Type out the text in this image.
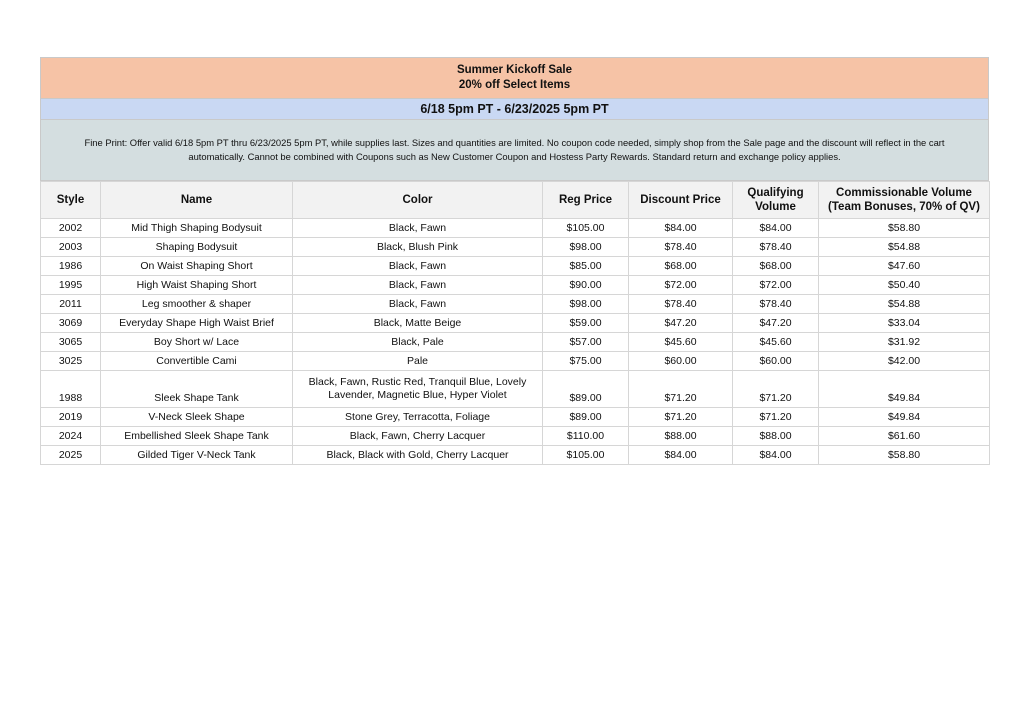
Summer Kickoff Sale
20% off Select Items
6/18 5pm PT - 6/23/2025 5pm PT
Fine Print: Offer valid 6/18 5pm PT thru 6/23/2025 5pm PT, while supplies last. Sizes and quantities are limited. No coupon code needed, simply shop from the Sale page and the discount will reflect in the cart automatically. Cannot be combined with Coupons such as New Customer Coupon and Hostess Party Rewards. Standard return and exchange policy applies.
Style	Name	Color	Reg Price	Discount Price	Qualifying Volume	Commissionable Volume (Team Bonuses, 70% of QV)
2002	Mid Thigh Shaping Bodysuit	Black, Fawn	$105.00	$84.00	$84.00	$58.80
2003	Shaping Bodysuit	Black, Blush Pink	$98.00	$78.40	$78.40	$54.88
1986	On Waist Shaping Short	Black, Fawn	$85.00	$68.00	$68.00	$47.60
1995	High Waist Shaping Short	Black, Fawn	$90.00	$72.00	$72.00	$50.40
2011	Leg smoother & shaper	Black, Fawn	$98.00	$78.40	$78.40	$54.88
3069	Everyday Shape High Waist Brief	Black, Matte Beige	$59.00	$47.20	$47.20	$33.04
3065	Boy Short w/ Lace	Black, Pale	$57.00	$45.60	$45.60	$31.92
3025	Convertible Cami	Pale	$75.00	$60.00	$60.00	$42.00
1988	Sleek Shape Tank	Black, Fawn, Rustic Red, Tranquil Blue, Lovely Lavender, Magnetic Blue, Hyper Violet	$89.00	$71.20	$71.20	$49.84
2019	V-Neck Sleek Shape	Stone Grey, Terracotta, Foliage	$89.00	$71.20	$71.20	$49.84
2024	Embellished Sleek Shape Tank	Black, Fawn, Cherry Lacquer	$110.00	$88.00	$88.00	$61.60
2025	Gilded Tiger V-Neck Tank	Black, Black with Gold, Cherry Lacquer	$105.00	$84.00	$84.00	$58.80
